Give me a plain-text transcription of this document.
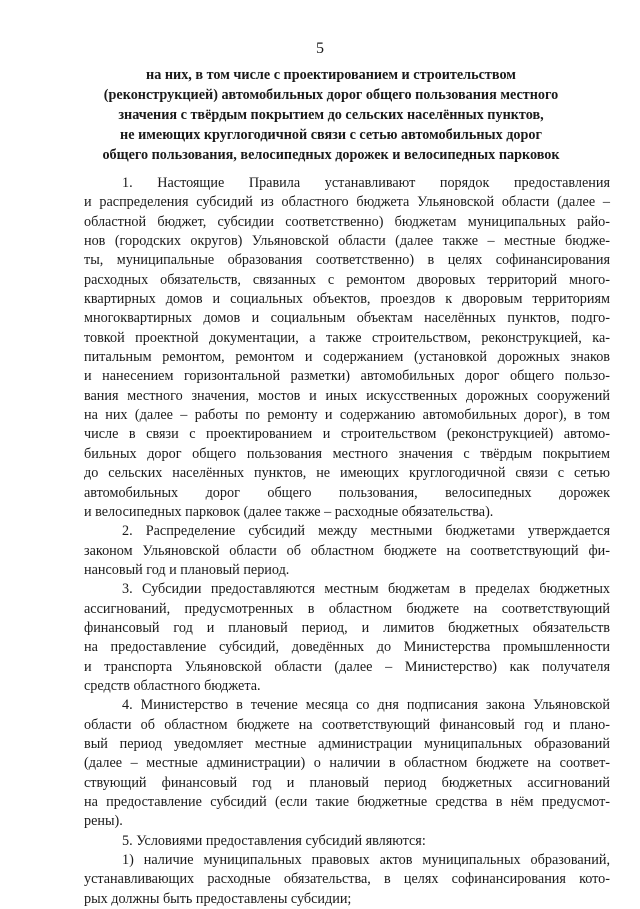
5
на них, в том числе с проектированием и строительством
(реконструкцией) автомобильных дорог общего пользования местного
значения с твёрдым покрытием до сельских населённых пунктов,
не имеющих круглогодичной связи с сетью автомобильных дорог
общего пользования, велосипедных дорожек и велосипедных парковок
1. Настоящие Правила устанавливают порядок предоставления
и распределения субсидий из областного бюджета Ульяновской области (далее –
областной бюджет, субсидии соответственно) бюджетам муниципальных райо-
нов (городских округов) Ульяновской области (далее также – местные бюдже-
ты, муниципальные образования соответственно) в целях софинансирования
расходных обязательств, связанных с ремонтом дворовых территорий много-
квартирных домов и социальных объектов, проездов к дворовым территориям
многоквартирных домов и социальным объектам населённых пунктов, подго-
товкой проектной документации, а также строительством, реконструкцией, ка-
питальным ремонтом, ремонтом и содержанием (установкой дорожных знаков
и нанесением горизонтальной разметки) автомобильных дорог общего пользо-
вания местного значения, мостов и иных искусственных дорожных сооружений
на них (далее – работы по ремонту и содержанию автомобильных дорог), в том
числе в связи с проектированием и строительством (реконструкцией) автомо-
бильных дорог общего пользования местного значения с твёрдым покрытием
до сельских населённых пунктов, не имеющих круглогодичной связи с сетью
автомобильных дорог общего пользования, велосипедных дорожек
и велосипедных парковок (далее также – расходные обязательства).
2. Распределение субсидий между местными бюджетами утверждается
законом Ульяновской области об областном бюджете на соответствующий фи-
нансовый год и плановый период.
3. Субсидии предоставляются местным бюджетам в пределах бюджетных
ассигнований, предусмотренных в областном бюджете на соответствующий
финансовый год и плановый период, и лимитов бюджетных обязательств
на предоставление субсидий, доведённых до Министерства промышленности
и транспорта Ульяновской области (далее – Министерство) как получателя
средств областного бюджета.
4. Министерство в течение месяца со дня подписания закона Ульяновской
области об областном бюджете на соответствующий финансовый год и плано-
вый период уведомляет местные администрации муниципальных образований
(далее – местные администрации) о наличии в областном бюджете на соответ-
ствующий финансовый год и плановый период бюджетных ассигнований
на предоставление субсидий (если такие бюджетные средства в нём предусмот-
рены).
5. Условиями предоставления субсидий являются:
1) наличие муниципальных правовых актов муниципальных образований,
устанавливающих расходные обязательства, в целях софинансирования кото-
рых должны быть предоставлены субсидии;
